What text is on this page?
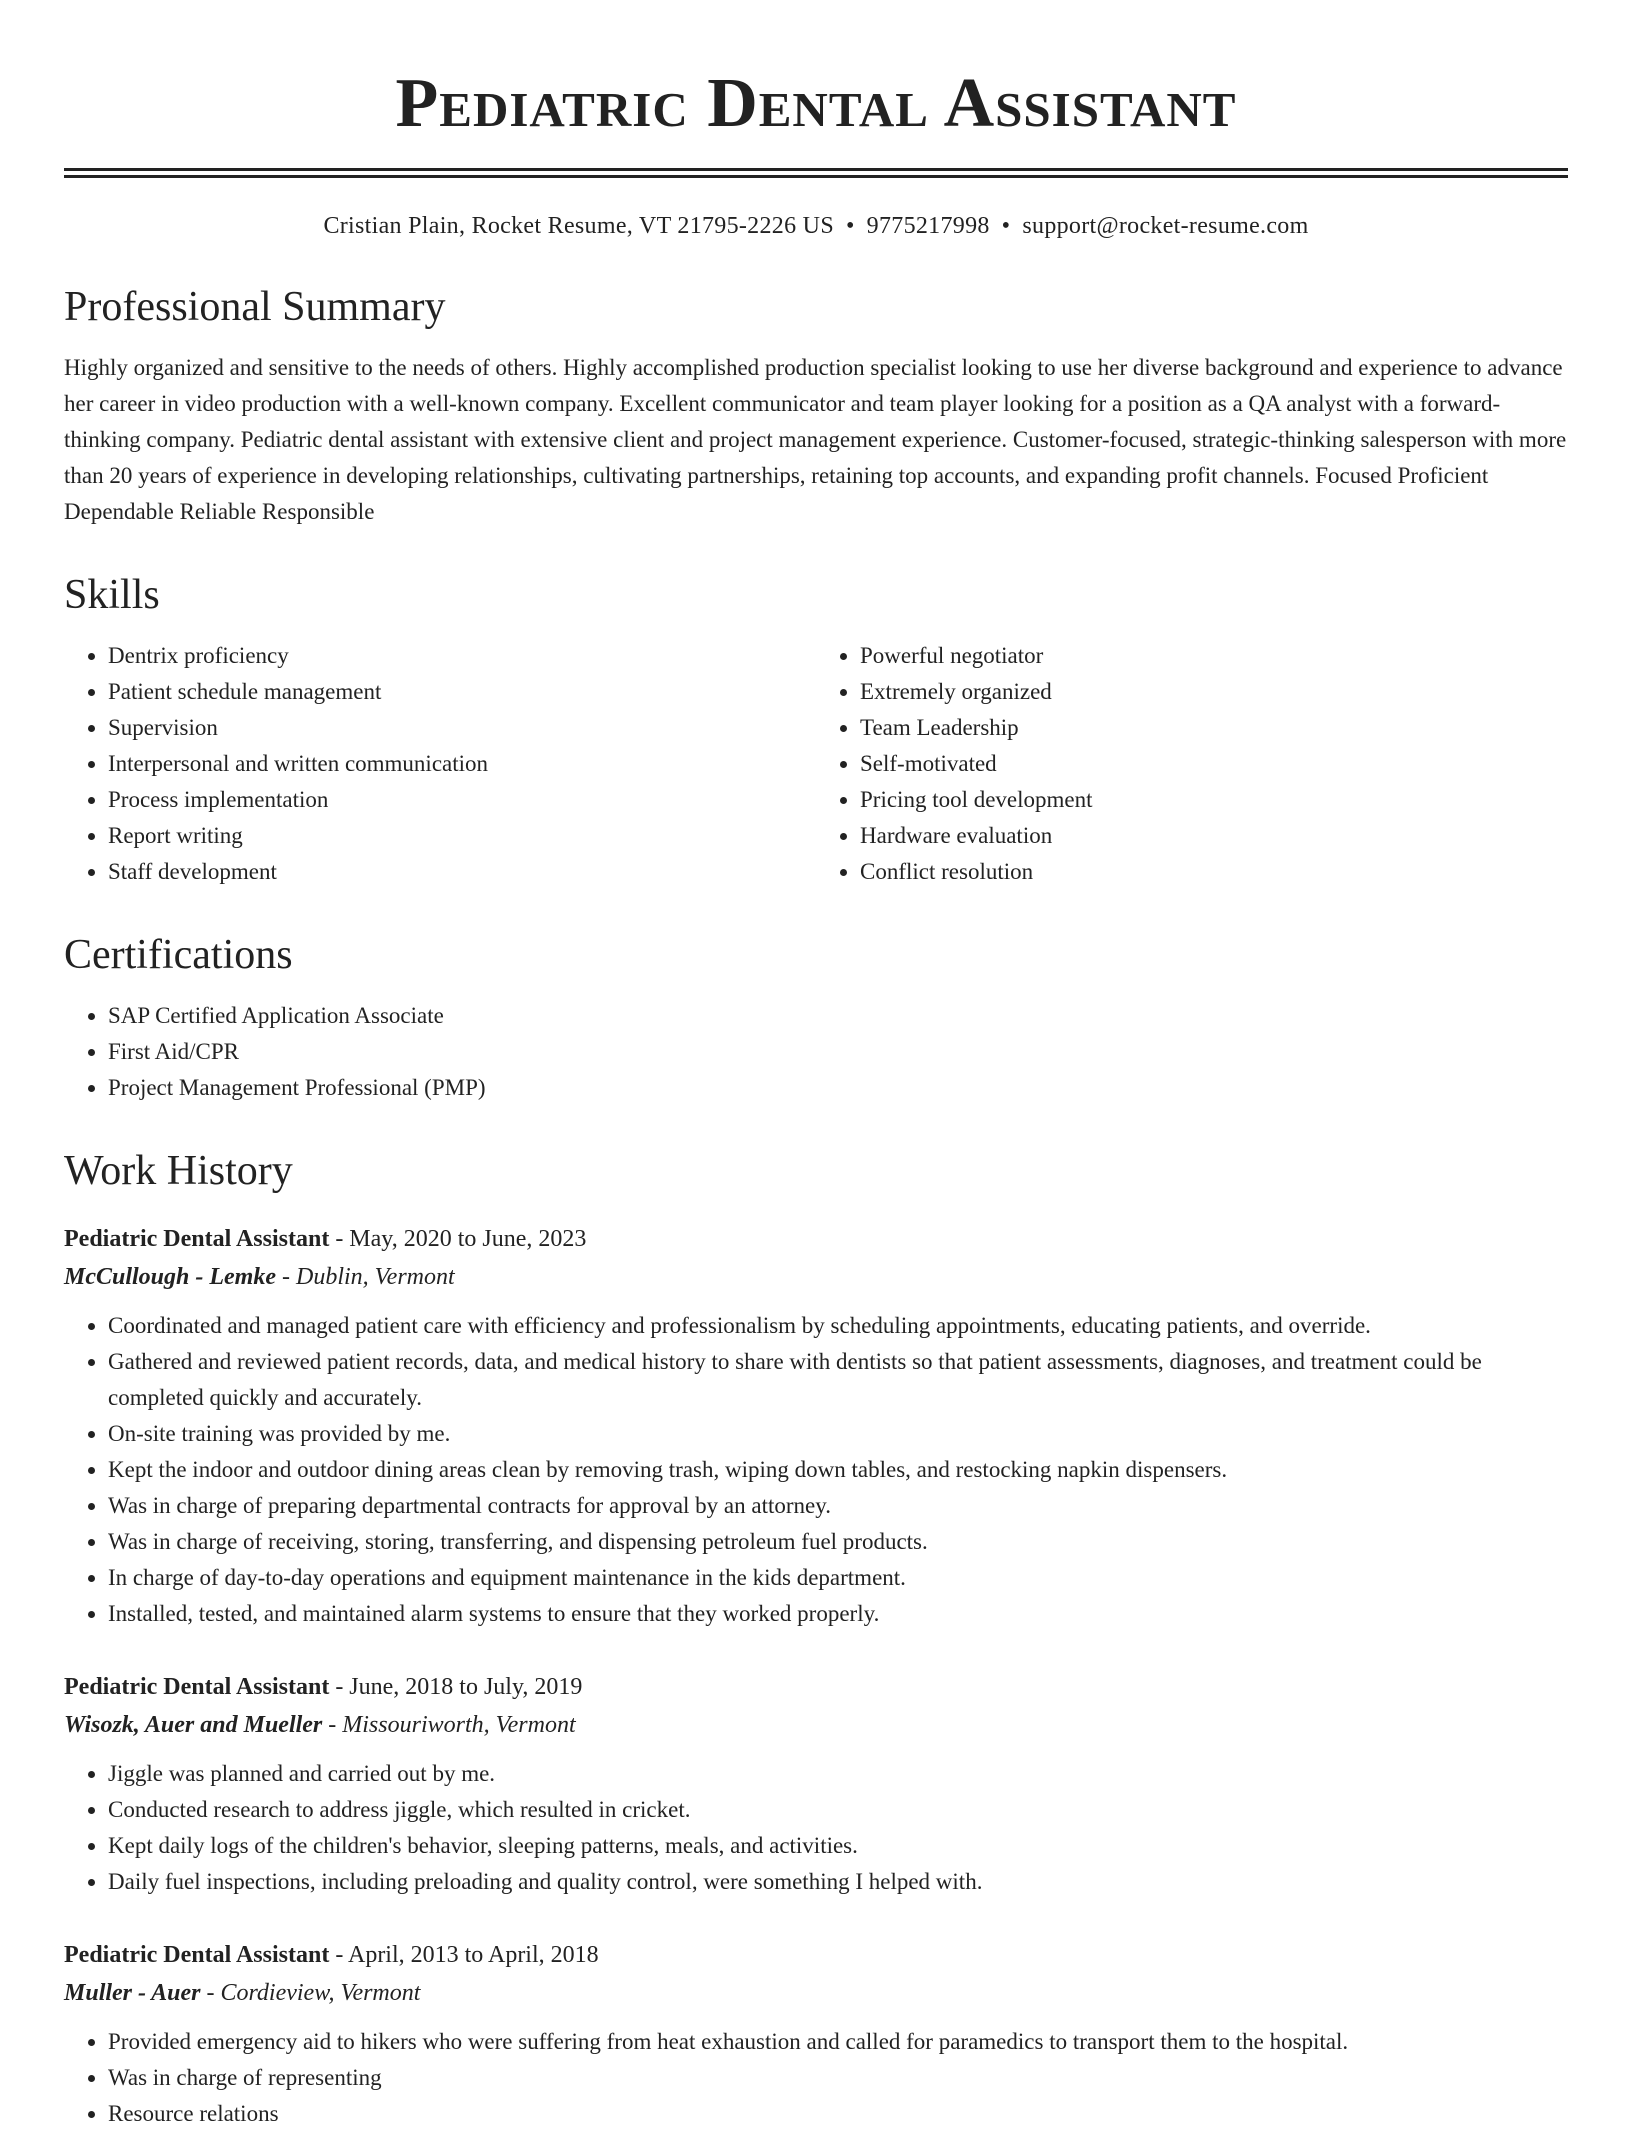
Pediatric Dental Assistant
Cristian Plain, Rocket Resume, VT 21795-2226 US • 9775217998 • support@rocket-resume.com
Professional Summary

Highly organized and sensitive to the needs of others. Highly accomplished production specialist looking to use her diverse background and experience to advance her career in video production with a well-known company. Excellent communicator and team player looking for a position as a QA analyst with a forward-thinking company. Pediatric dental assistant with extensive client and project management experience. Customer-focused, strategic-thinking salesperson with more than 20 years of experience in developing relationships, cultivating partnerships, retaining top accounts, and expanding profit channels. Focused Proficient Dependable Reliable Responsible

Skills
• Dentrix proficiency
• Patient schedule management
• Supervision
• Interpersonal and written communication
• Process implementation
• Report writing
• Staff development
• Powerful negotiator
• Extremely organized
• Team Leadership
• Self-motivated
• Pricing tool development
• Hardware evaluation
• Conflict resolution
Certifications
• SAP Certified Application Associate
• First Aid/CPR
• Project Management Professional (PMP)
Work History
Pediatric Dental Assistant - May, 2020 to June, 2023
McCullough - Lemke - Dublin, Vermont
• Coordinated and managed patient care with efficiency and professionalism by scheduling appointments, educating patients, and override.
• Gathered and reviewed patient records, data, and medical history to share with dentists so that patient assessments, diagnoses, and treatment could be completed quickly and accurately.
• On-site training was provided by me.
• Kept the indoor and outdoor dining areas clean by removing trash, wiping down tables, and restocking napkin dispensers.
• Was in charge of preparing departmental contracts for approval by an attorney.
• Was in charge of receiving, storing, transferring, and dispensing petroleum fuel products.
• In charge of day-to-day operations and equipment maintenance in the kids department.
• Installed, tested, and maintained alarm systems to ensure that they worked properly.
Pediatric Dental Assistant - June, 2018 to July, 2019
Wisozk, Auer and Mueller - Missouriworth, Vermont
• Jiggle was planned and carried out by me.
• Conducted research to address jiggle, which resulted in cricket.
• Kept daily logs of the children's behavior, sleeping patterns, meals, and activities.
• Daily fuel inspections, including preloading and quality control, were something I helped with.
Pediatric Dental Assistant - April, 2013 to April, 2018
Muller - Auer - Cordieview, Vermont
• Provided emergency aid to hikers who were suffering from heat exhaustion and called for paramedics to transport them to the hospital.
• Was in charge of representing
• Resource relations
